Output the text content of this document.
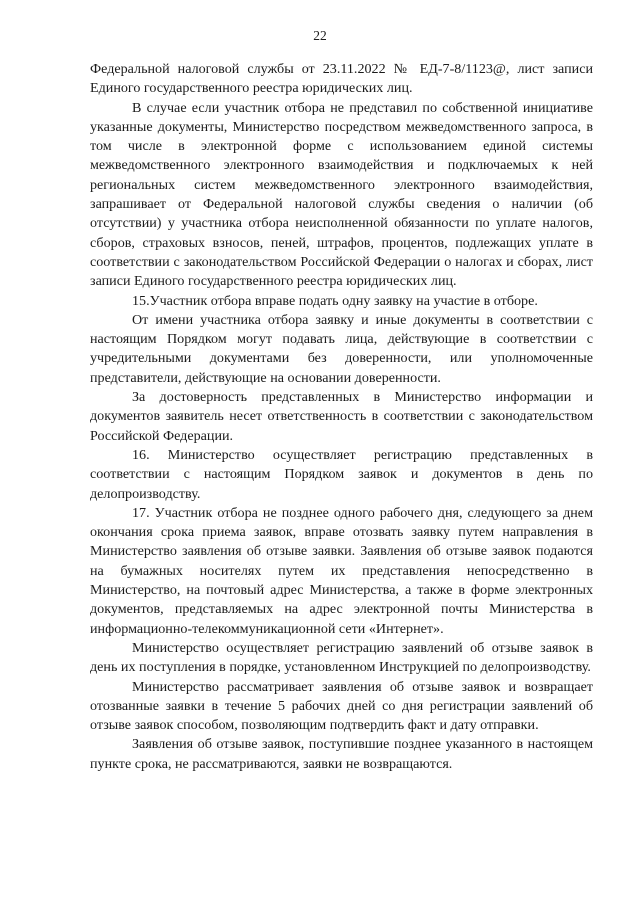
22

Федеральной налоговой службы от 23.11.2022 № ЕД-7-8/1123@, лист записи Единого государственного реестра юридических лиц.

В случае если участник отбора не представил по собственной инициативе указанные документы, Министерство посредством межведомственного запроса, в том числе в электронной форме с использованием единой системы межведомственного электронного взаимодействия и подключаемых к ней региональных систем межведомственного электронного взаимодействия, запрашивает от Федеральной налоговой службы сведения о наличии (об отсутствии) у участника отбора неисполненной обязанности по уплате налогов, сборов, страховых взносов, пеней, штрафов, процентов, подлежащих уплате в соответствии с законодательством Российской Федерации о налогах и сборах, лист записи Единого государственного реестра юридических лиц.

15.Участник отбора вправе подать одну заявку на участие в отборе.

От имени участника отбора заявку и иные документы в соответствии с настоящим Порядком могут подавать лица, действующие в соответствии с учредительными документами без доверенности, или уполномоченные представители, действующие на основании доверенности.

За достоверность представленных в Министерство информации и документов заявитель несет ответственность в соответствии с законодательством Российской Федерации.

16. Министерство осуществляет регистрацию представленных в соответствии с настоящим Порядком заявок и документов в день по делопроизводству.

17. Участник отбора не позднее одного рабочего дня, следующего за днем окончания срока приема заявок, вправе отозвать заявку путем направления в Министерство заявления об отзыве заявки. Заявления об отзыве заявок подаются на бумажных носителях путем их представления непосредственно в Министерство, на почтовый адрес Министерства, а также в форме электронных документов, представляемых на адрес электронной почты Министерства в информационно-телекоммуникационной сети «Интернет».

Министерство осуществляет регистрацию заявлений об отзыве заявок в день их поступления в порядке, установленном Инструкцией по делопроизводству.

Министерство рассматривает заявления об отзыве заявок и возвращает отозванные заявки в течение 5 рабочих дней со дня регистрации заявлений об отзыве заявок способом, позволяющим подтвердить факт и дату отправки.

Заявления об отзыве заявок, поступившие позднее указанного в настоящем пункте срока, не рассматриваются, заявки не возвращаются.
